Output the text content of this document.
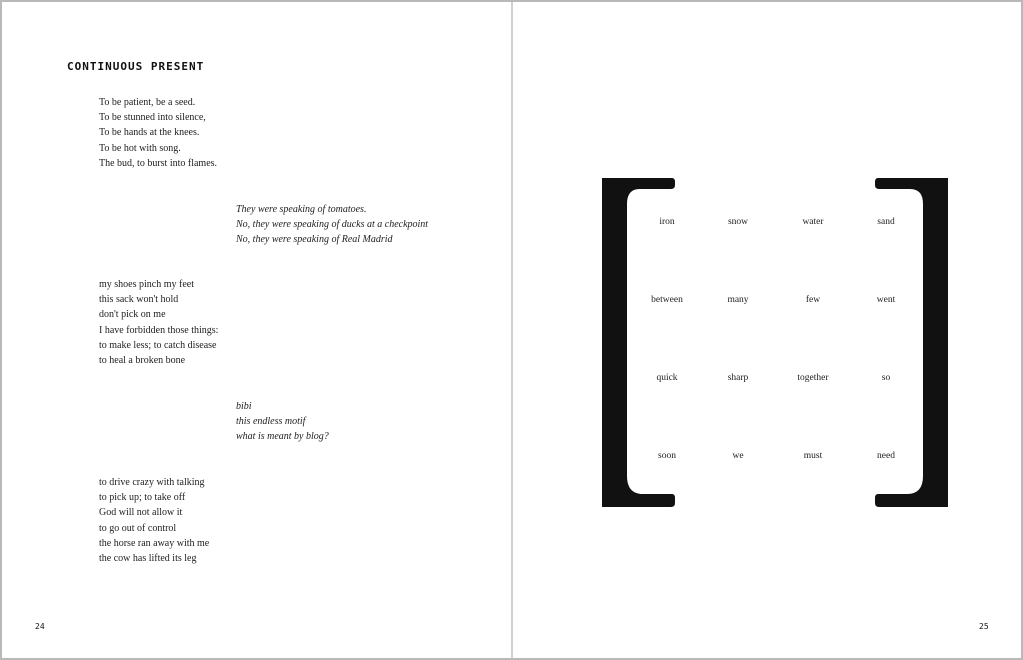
CONTINUOUS PRESENT
To be patient, be a seed.
To be stunned into silence,
To be hands at the knees.
To be hot with song.
The bud, to burst into flames.
They were speaking of tomatoes.
No, they were speaking of ducks at a checkpoint
No, they were speaking of Real Madrid
my shoes pinch my feet
this sack won't hold
don't pick on me
I have forbidden those things:
to make less; to catch disease
to heal a broken bone
bibi
this endless motif
what is meant by blog?
to drive crazy with talking
to pick up; to take off
God will not allow it
to go out of control
the horse ran away with me
the cow has lifted its leg
24
iron	snow	water	sand
between	many	few	went
quick	sharp	together	so
soon	we	must	need
25
